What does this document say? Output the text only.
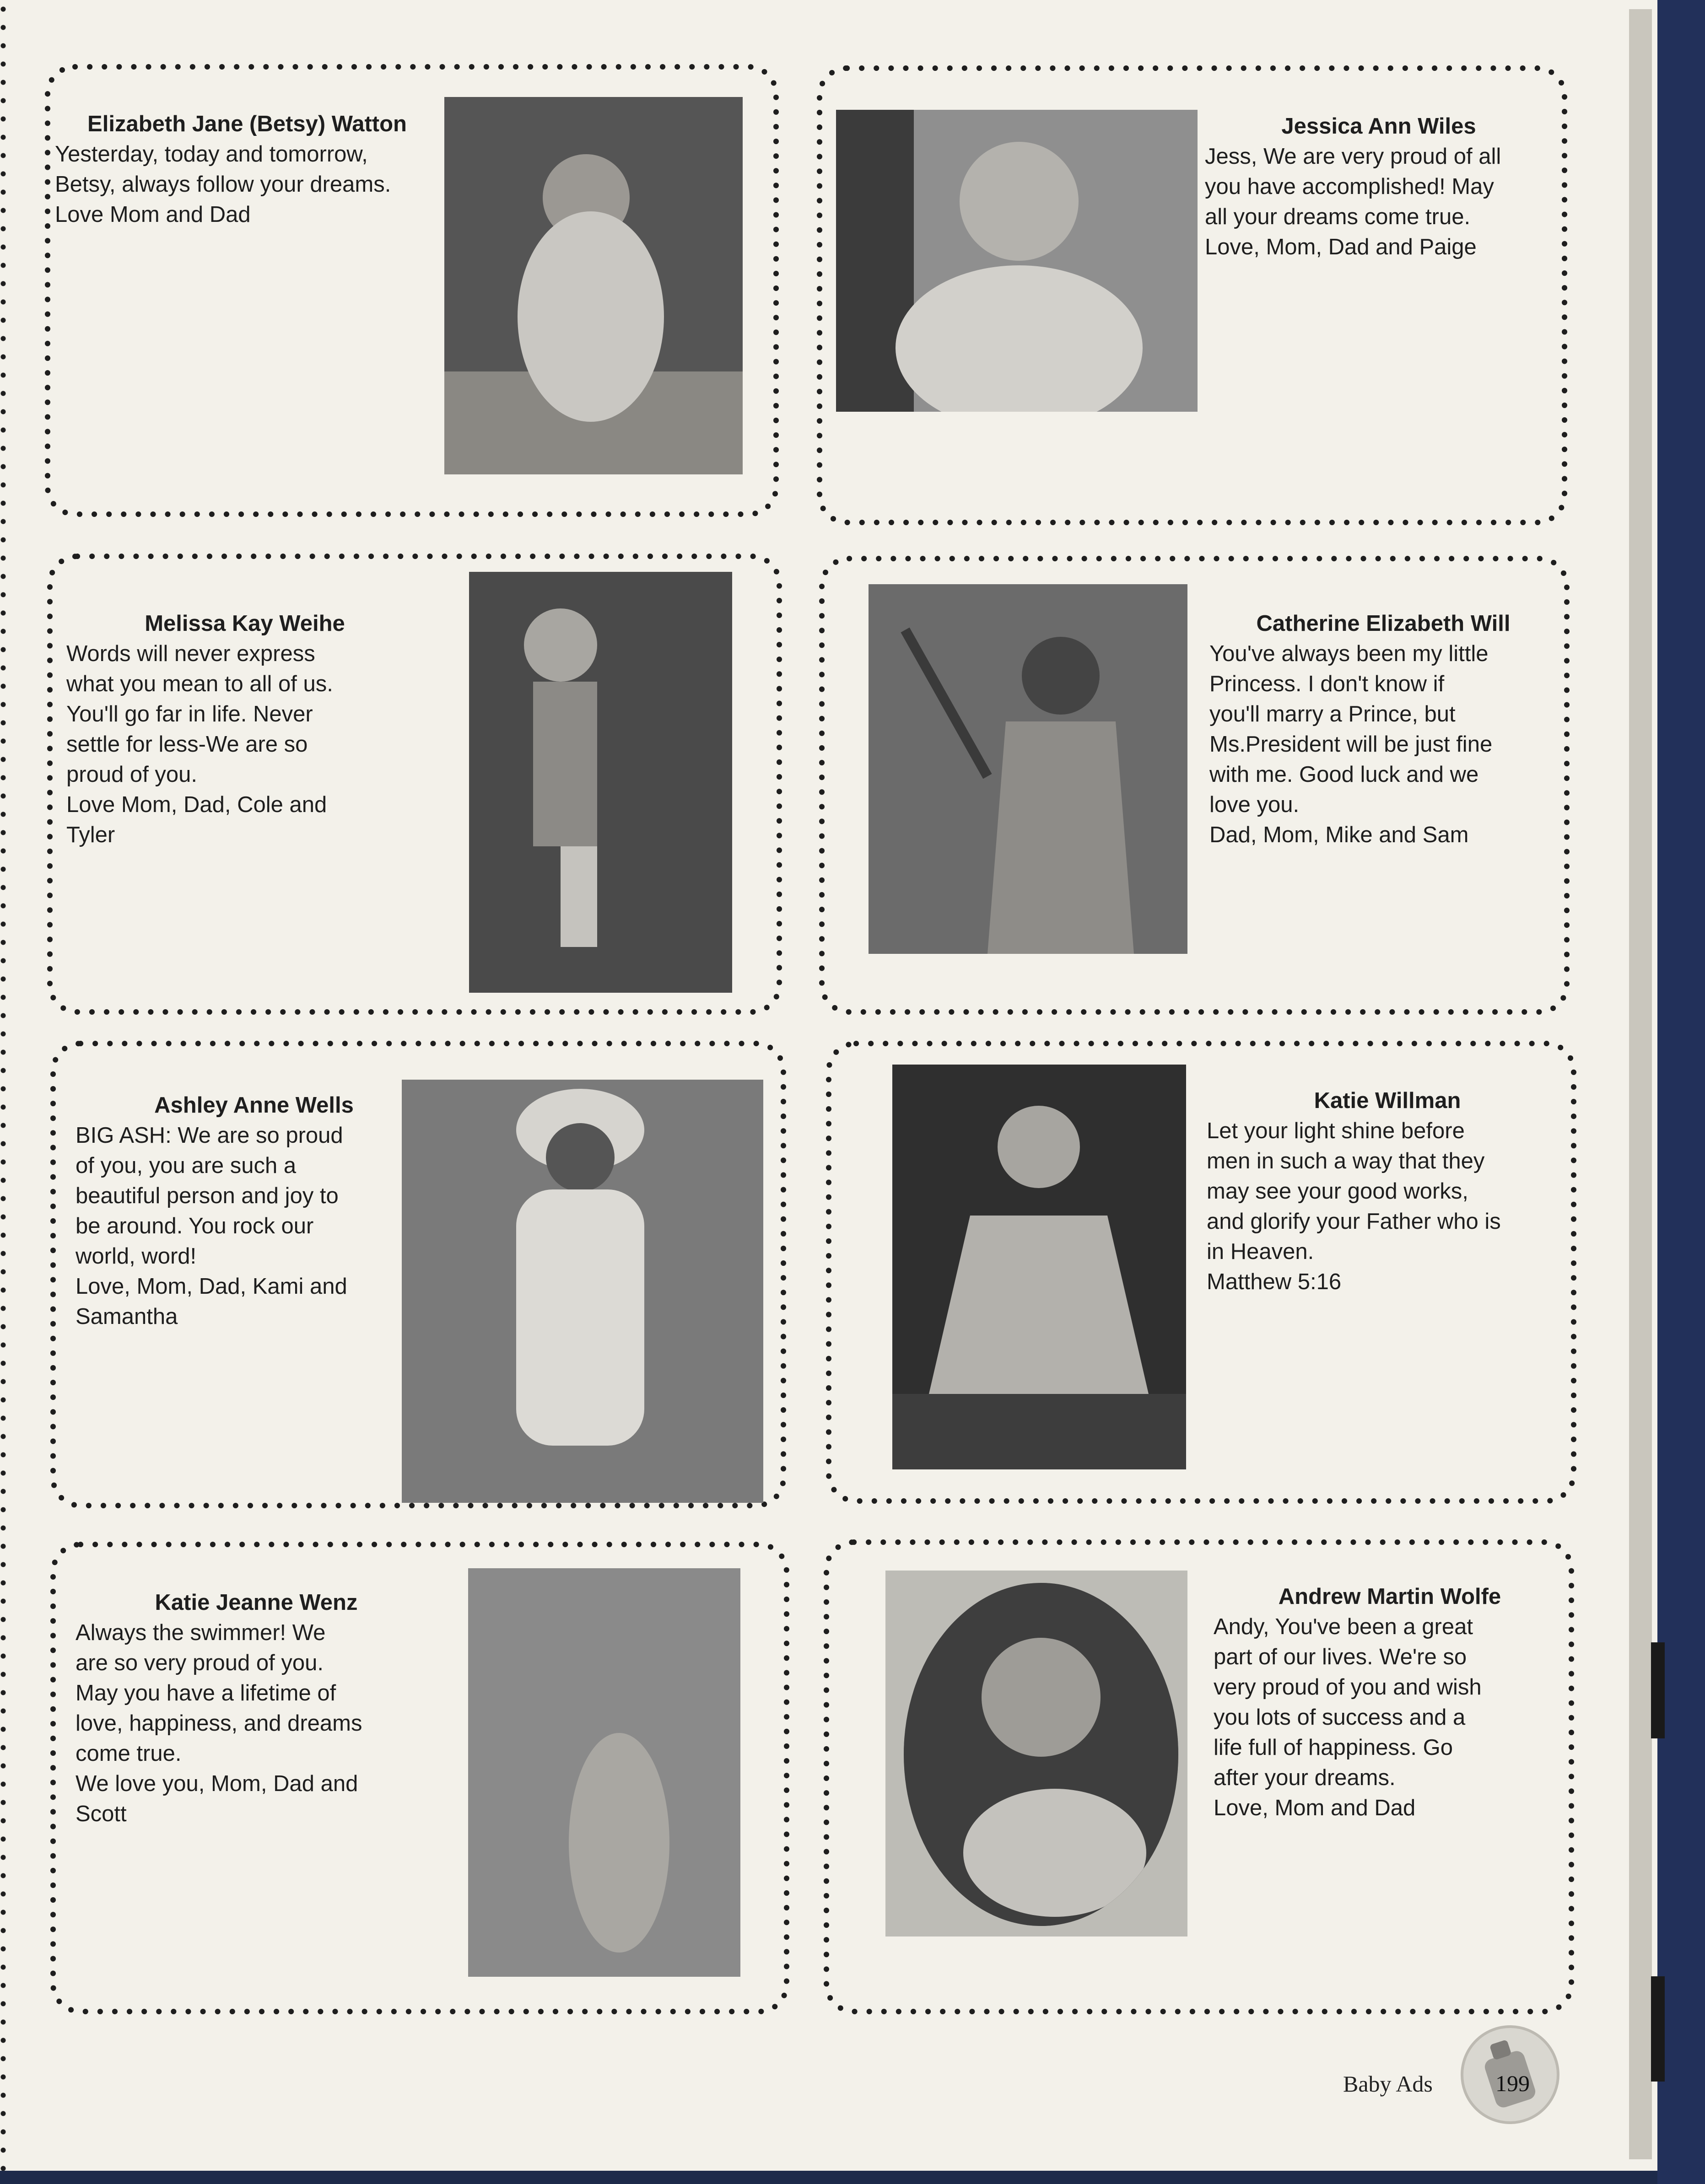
Elizabeth Jane (Betsy) Watton
Yesterday, today and tomorrow,
Betsy, always follow your dreams.
Love Mom and Dad
Jessica Ann Wiles
Jess, We are very proud of all
you have accomplished! May
all your dreams come true.
Love, Mom, Dad and Paige
Melissa Kay Weihe
Words will never express
what you mean to all of us.
You'll go far in life. Never
settle for less-We are so
proud of you.
Love Mom, Dad, Cole and
Tyler
Catherine Elizabeth Will
You've always been my little
Princess. I don't know if
you'll marry a Prince, but
Ms.President will be just fine
with me. Good luck and we
love you.
Dad, Mom, Mike and Sam
Ashley Anne Wells
BIG ASH: We are so proud
of you, you are such a
beautiful person and joy to
be around. You rock our
world, word!
Love, Mom, Dad, Kami and
Samantha
Katie Willman
Let your light shine before
men in such a way that they
may see your good works,
and glorify your Father who is
in Heaven.
Matthew 5:16
Katie Jeanne Wenz
Always the swimmer! We
are so very proud of you.
May you have a lifetime of
love, happiness, and dreams
come true.
We love you, Mom, Dad and
Scott
Andrew Martin Wolfe
Andy, You've been a great
part of our lives. We're so
very proud of you and wish
you lots of success and a
life full of happiness. Go
after your dreams.
Love, Mom and Dad
Baby Ads	199
